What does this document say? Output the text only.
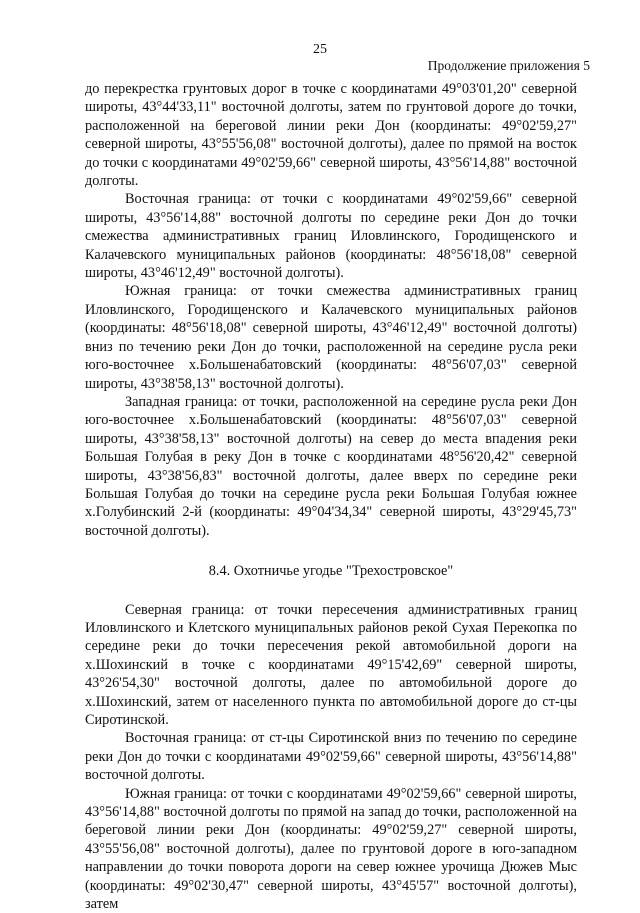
25
Продолжение приложения 5

до перекрестка грунтовых дорог в точке с координатами 49°03'01,20" северной широты, 43°44'33,11" восточной долготы, затем по грунтовой дороге до точки, расположенной на береговой линии реки Дон (координаты: 49°02'59,27" северной широты, 43°55'56,08" восточной долготы), далее по прямой на восток до точки с координатами 49°02'59,66" северной широты, 43°56'14,88" восточной долготы.

Восточная граница: от точки с координатами 49°02'59,66" северной широты, 43°56'14,88" восточной долготы по середине реки Дон до точки смежества административных границ Иловлинского, Городищенского и Калачевского муниципальных районов (координаты: 48°56'18,08" северной широты, 43°46'12,49" восточной долготы).

Южная граница: от точки смежества административных границ Иловлинского, Городищенского и Калачевского муниципальных районов (координаты: 48°56'18,08" северной широты, 43°46'12,49" восточной долготы) вниз по течению реки Дон до точки, расположенной на середине русла реки юго-восточнее х.Большенабатовский (координаты: 48°56'07,03" северной широты, 43°38'58,13" восточной долготы).

Западная граница: от точки, расположенной на середине русла реки Дон юго-восточнее х.Большенабатовский (координаты: 48°56'07,03" северной широты, 43°38'58,13" восточной долготы) на север до места впадения реки Большая Голубая в реку Дон в точке с координатами 48°56'20,42" северной широты, 43°38'56,83" восточной долготы, далее вверх по середине реки Большая Голубая до точки на середине русла реки Большая Голубая южнее х.Голубинский 2-й (координаты: 49°04'34,34" северной широты, 43°29'45,73" восточной долготы).

8.4. Охотничье угодье "Трехостровское"

Северная граница: от точки пересечения административных границ Иловлинского и Клетского муниципальных районов рекой Сухая Перекопка по середине реки до точки пересечения рекой автомобильной дороги на х.Шохинский в точке с координатами 49°15'42,69" северной широты, 43°26'54,30" восточной долготы, далее по автомобильной дороге до х.Шохинский, затем от населенного пункта по автомобильной дороге до ст-цы Сиротинской.

Восточная граница: от ст-цы Сиротинской вниз по течению по середине реки Дон до точки с координатами 49°02'59,66" северной широты, 43°56'14,88" восточной долготы.

Южная граница: от точки с координатами 49°02'59,66" северной широты, 43°56'14,88" восточной долготы по прямой на запад до точки, расположенной на береговой линии реки Дон (координаты: 49°02'59,27" северной широты, 43°55'56,08" восточной долготы), далее по грунтовой дороге в юго-западном направлении до точки поворота дороги на север южнее урочища Дюжев Мыс (координаты: 49°02'30,47" северной широты, 43°45'57" восточной долготы), затем
